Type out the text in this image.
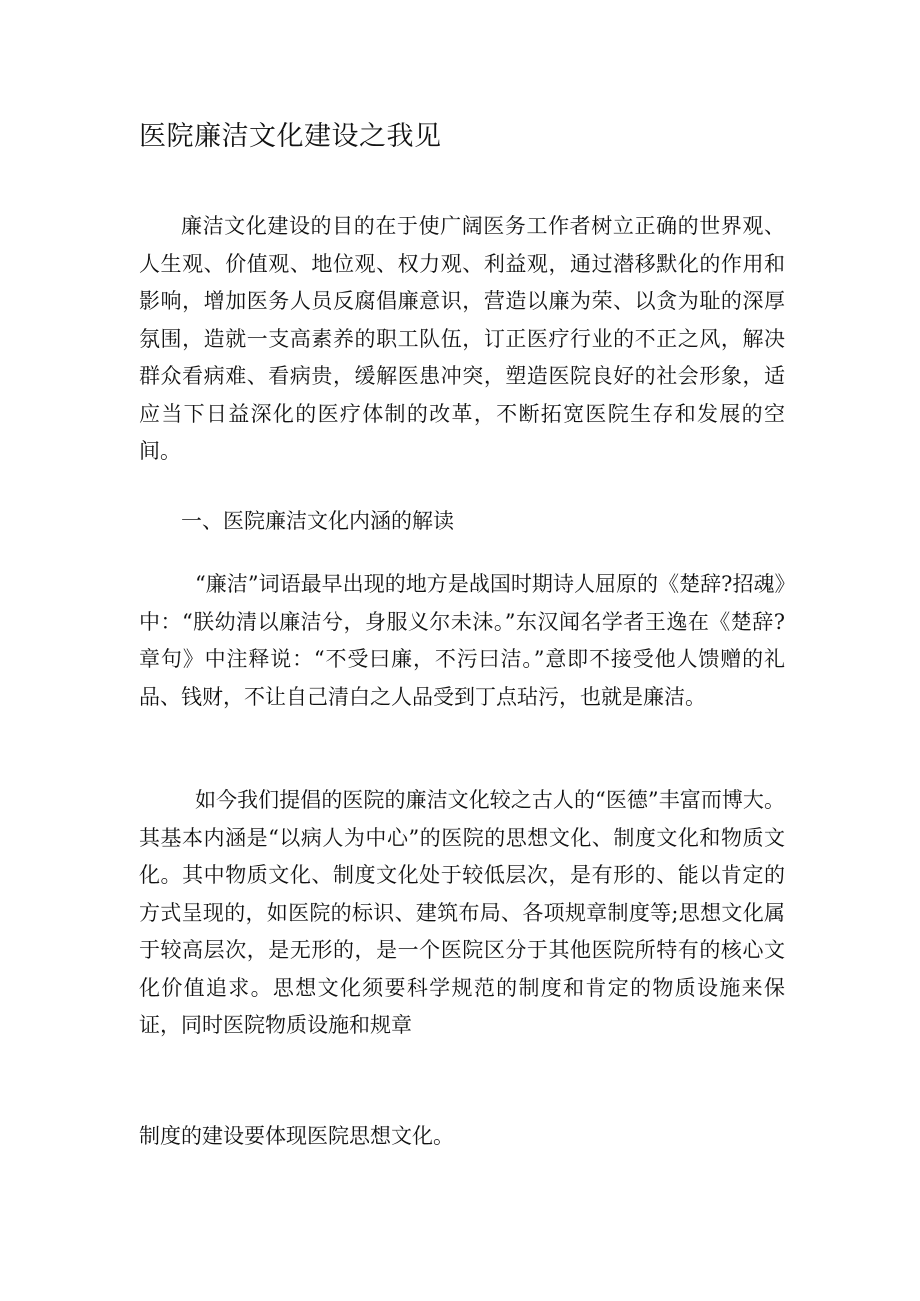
医院廉洁文化建设之我见

廉洁文化建设的目的在于使广阔医务工作者树立正确的世界观、人生观、价值观、地位观、权力观、利益观，通过潜移默化的作用和影响，增加医务人员反腐倡廉意识，营造以廉为荣、以贪为耻的深厚氛围，造就一支高素养的职工队伍，订正医疗行业的不正之风，解决群众看病难、看病贵，缓解医患冲突，塑造医院良好的社会形象，适应当下日益深化的医疗体制的改革，不断拓宽医院生存和发展的空间。

一、医院廉洁文化内涵的解读

“廉洁”词语最早出现的地方是战国时期诗人屈原的《楚辞?招魂》中：“朕幼清以廉洁兮，身服义尔未沬。”东汉闻名学者王逸在《楚辞?章句》中注释说：“不受曰廉，不污曰洁。”意即不接受他人馈赠的礼品、钱财，不让自己清白之人品受到丁点玷污，也就是廉洁。

如今我们提倡的医院的廉洁文化较之古人的“医德”丰富而博大。其基本内涵是“以病人为中心”的医院的思想文化、制度文化和物质文化。其中物质文化、制度文化处于较低层次，是有形的、能以肯定的方式呈现的，如医院的标识、建筑布局、各项规章制度等;思想文化属于较高层次，是无形的，是一个医院区分于其他医院所特有的核心文化价值追求。思想文化须要科学规范的制度和肯定的物质设施来保证，同时医院物质设施和规章

制度的建设要体现医院思想文化。
